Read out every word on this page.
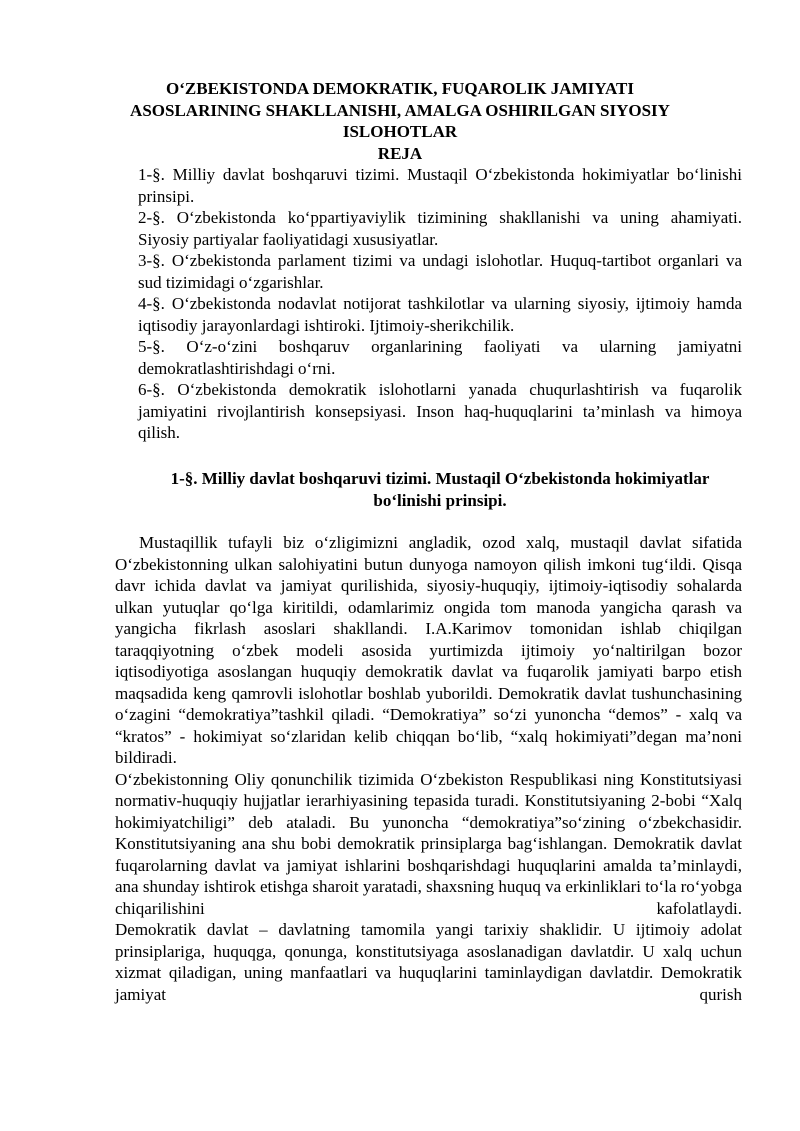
O‘ZBEKISTONDA DEMOKRATIK, FUQAROLIK JAMIYATI
ASOSLARINING SHAKLLANISHI, AMALGA OSHIRILGAN SIYOSIY
ISLOHOTLAR
REJA

1-§. Milliy davlat boshqaruvi tizimi. Mustaqil O‘zbekistonda hokimiyatlar bo‘linishi prinsipi.

2-§. O‘zbekistonda ko‘ppartiyaviylik tizimining shakllanishi va uning ahamiyati. Siyosiy partiyalar faoliyatidagi xususiyatlar.

3-§. O‘zbekistonda parlament tizimi va undagi islohotlar. Huquq-tartibot organlari va sud tizimidagi o‘zgarishlar.

4-§. O‘zbekistonda nodavlat notijorat tashkilotlar va ularning siyosiy, ijtimoiy hamda iqtisodiy jarayonlardagi ishtiroki. Ijtimoiy-sherikchilik.

5-§. O‘z-o‘zini boshqaruv organlarining faoliyati va ularning jamiyatni demokratlashtirishdagi o‘rni.

6-§. O‘zbekistonda demokratik islohotlarni yanada chuqurlashtirish va fuqarolik jamiyatini rivojlantirish konsepsiyasi. Inson haq-huquqlarini ta’minlash va himoya qilish.

1-§. Milliy davlat boshqaruvi tizimi. Mustaqil O‘zbekistonda hokimiyatlar
bo‘linishi prinsipi.

Mustaqillik tufayli biz o‘zligimizni angladik, ozod xalq, mustaqil davlat sifatida O‘zbekistonning ulkan salohiyatini butun dunyoga namoyon qilish imkoni tug‘ildi. Qisqa davr ichida davlat va jamiyat qurilishida, siyosiy-huquqiy, ijtimoiy-iqtisodiy sohalarda ulkan yutuqlar qo‘lga kiritildi, odamlarimiz ongida tom manoda yangicha qarash va yangicha fikrlash asoslari shakllandi. I.A.Karimov tomonidan ishlab chiqilgan taraqqiyotning o‘zbek modeli asosida yurtimizda ijtimoiy yo‘naltirilgan bozor iqtisodiyotiga asoslangan huquqiy demokratik davlat va fuqarolik jamiyati barpo etish maqsadida keng qamrovli islohotlar boshlab yuborildi. Demokratik davlat tushunchasining o‘zagini “demokratiya”tashkil qiladi. “Demokratiya” so‘zi yunoncha “demos” - xalq va “kratos” - hokimiyat so‘zlaridan kelib chiqqan bo‘lib, “xalq hokimiyati”degan ma’noni bildiradi.

O‘zbekistonning Oliy qonunchilik tizimida O‘zbekiston Respublikasi ning Konstitutsiyasi normativ-huquqiy hujjatlar ierarhiyasining tepasida turadi. Konstitutsiyaning 2-bobi “Xalq hokimiyatchiligi” deb ataladi. Bu yunoncha “demokratiya”so‘zining o‘zbekchasidir. Konstitutsiyaning ana shu bobi demokratik prinsiplarga bag‘ishlangan. Demokratik davlat fuqarolarning davlat va jamiyat ishlarini boshqarishdagi huquqlarini amalda ta’minlaydi, ana shunday ishtirok etishga sharoit yaratadi, shaxsning huquq va erkinliklari to‘la ro‘yobga chiqarilishini kafolatlaydi.

Demokratik davlat – davlatning tamomila yangi tarixiy shaklidir. U ijtimoiy adolat prinsiplariga, huquqga, qonunga, konstitutsiyaga asoslanadigan davlatdir. U xalq uchun xizmat qiladigan, uning manfaatlari va huquqlarini taminlaydigan davlatdir. Demokratik jamiyat qurish
